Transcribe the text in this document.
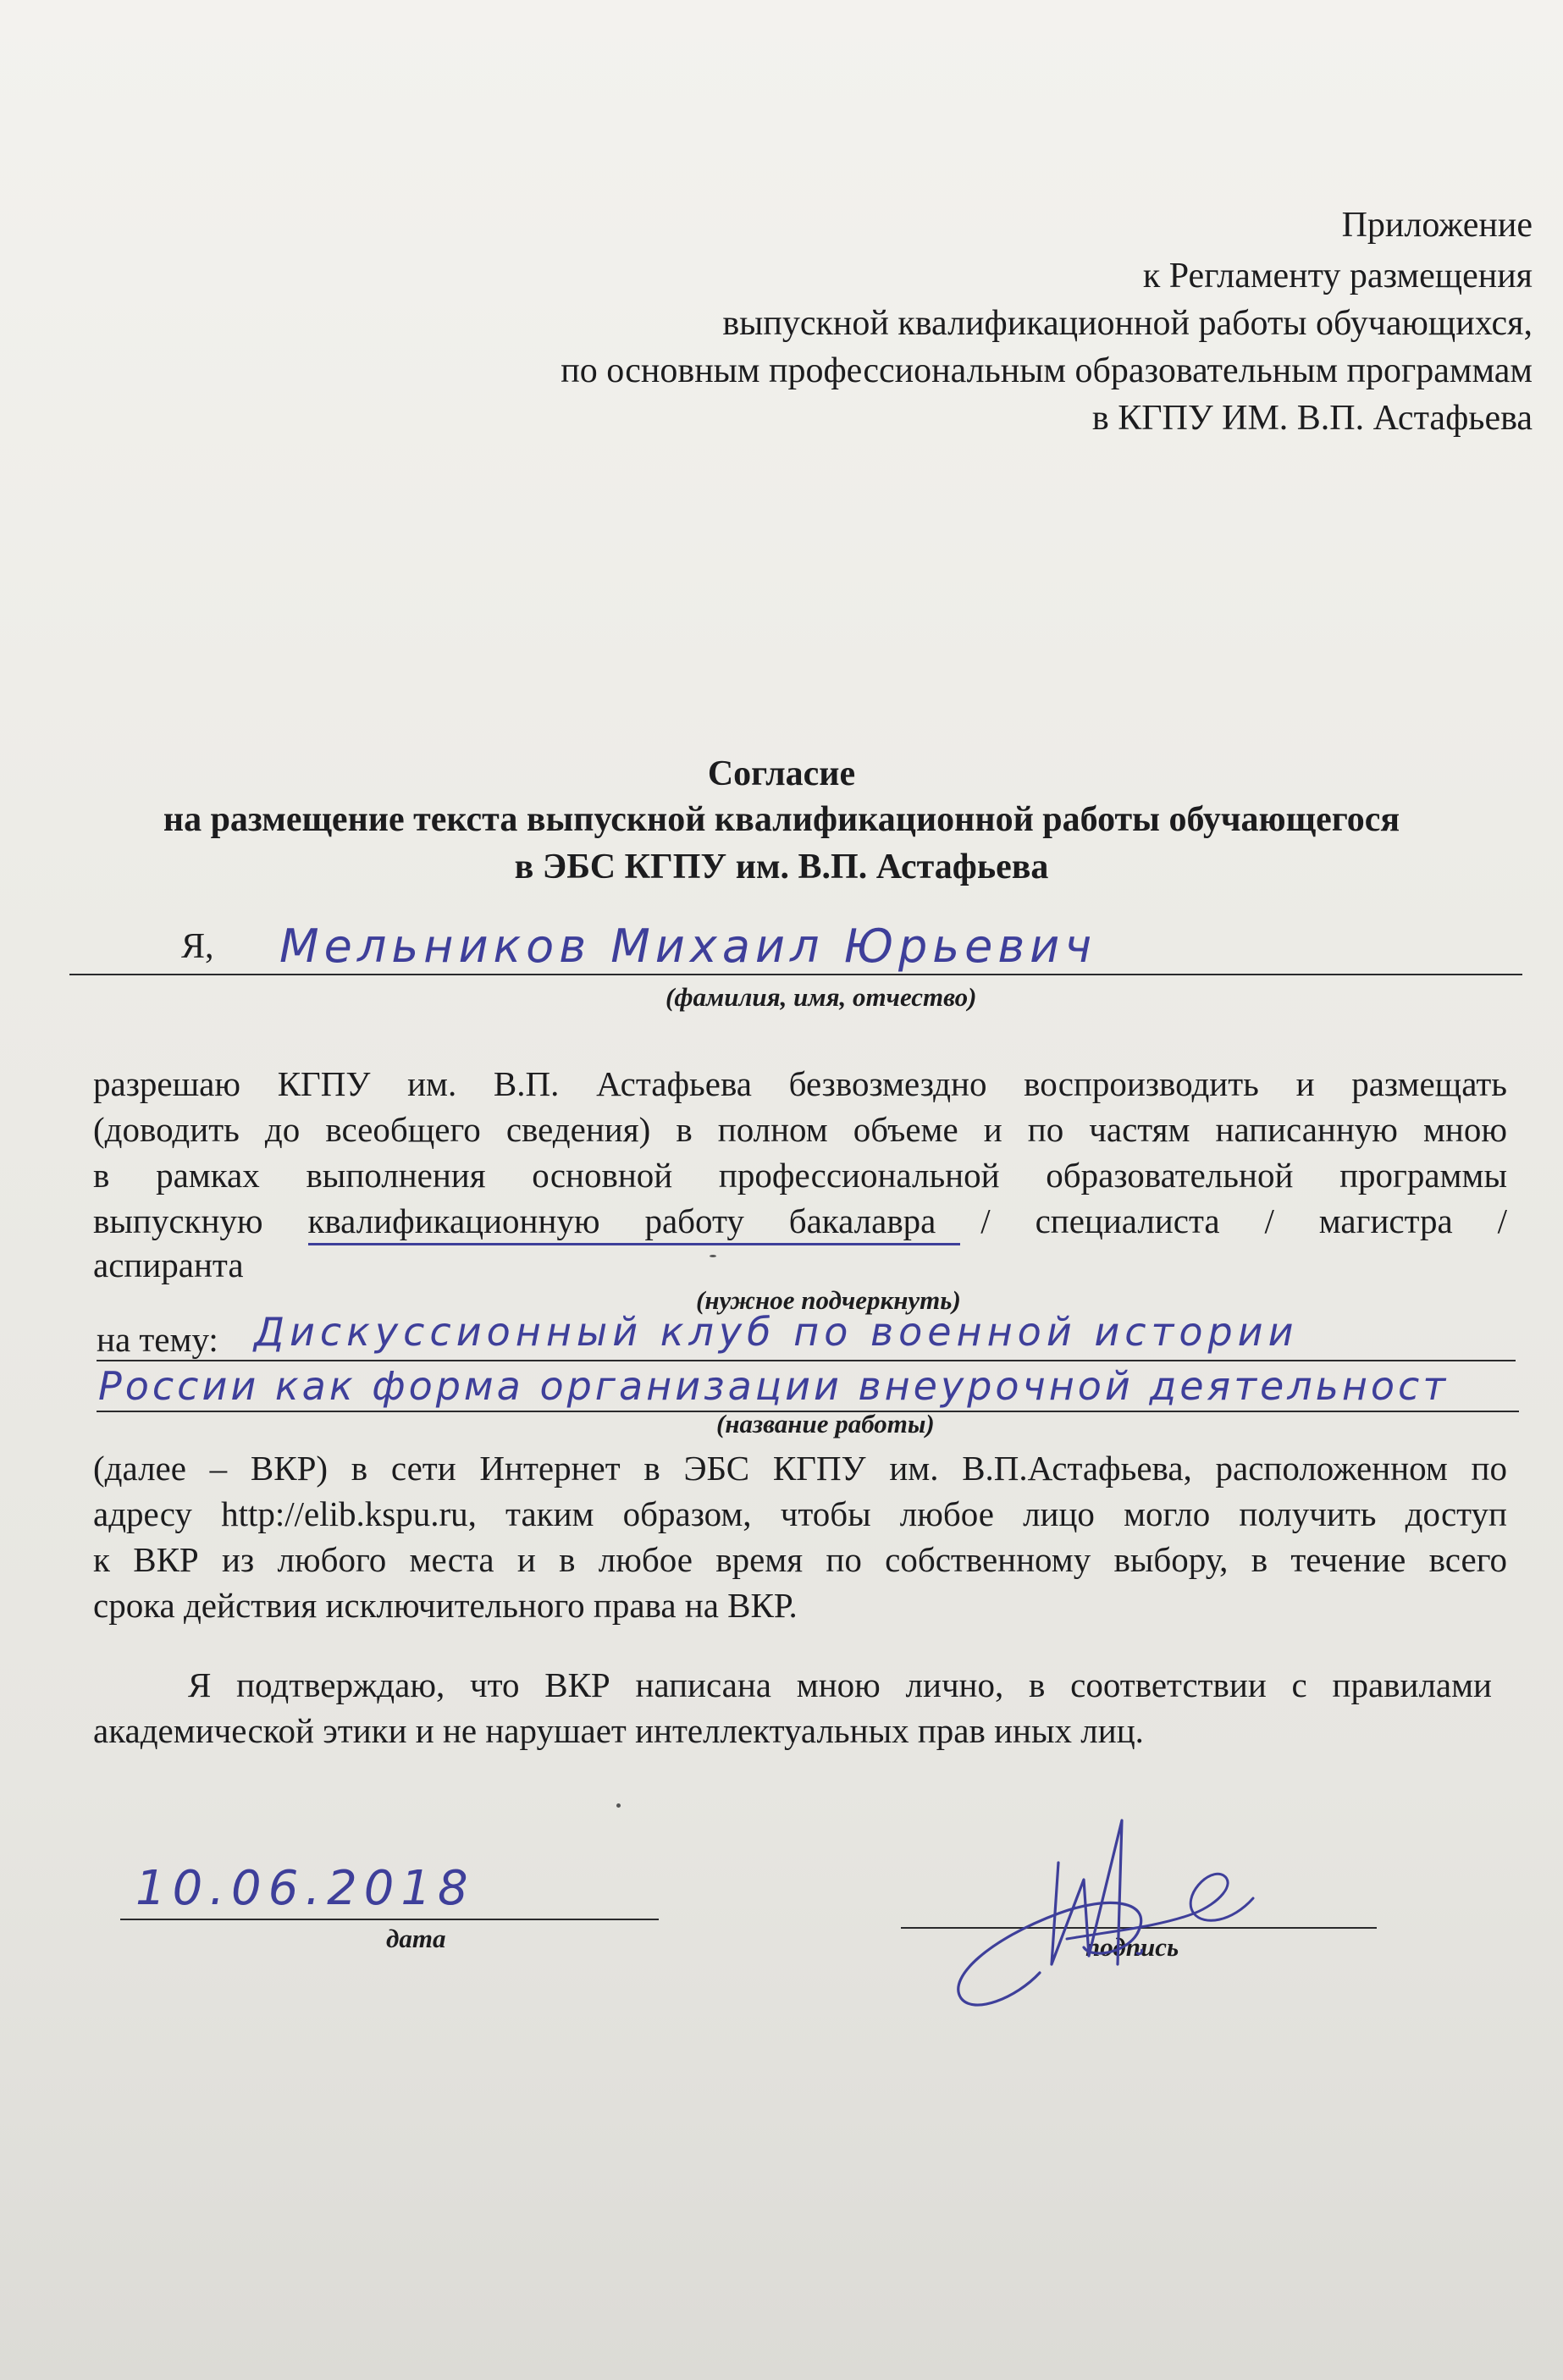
Приложение
к Регламенту размещения
выпускной квалификационной работы обучающихся,
по основным профессиональным образовательным программам
в КГПУ ИМ. В.П. Астафьева
Согласие
на размещение текста выпускной квалификационной работы обучающегося
в ЭБС КГПУ им. В.П. Астафьева
Я, Мельников Михаил Юрьевич
(фамилия, имя, отчество)
разрешаю КГПУ им. В.П. Астафьева безвозмездно воспроизводить и размещать
(доводить до всеобщего сведения) в полном объеме и по частям написанную мною
в рамках выполнения основной профессиональной образовательной программы
выпускную квалификационную работу бакалавра / специалиста / магистра /
аспиранта
(нужное подчеркнуть)
на тему: Дискуссионный клуб по военной истории
России как форма организации внеурочной деятельност
(название работы)
(далее – ВКР) в сети Интернет в ЭБС КГПУ им. В.П.Астафьева, расположенном по
адресу http://elib.kspu.ru, таким образом, чтобы любое лицо могло получить доступ
к ВКР из любого места и в любое время по собственному выбору, в течение всего
срока действия исключительного права на ВКР.
Я подтверждаю, что ВКР написана мною лично, в соответствии с правилами
академической этики и не нарушает интеллектуальных прав иных лиц.
10.06.2018
дата	подпись
